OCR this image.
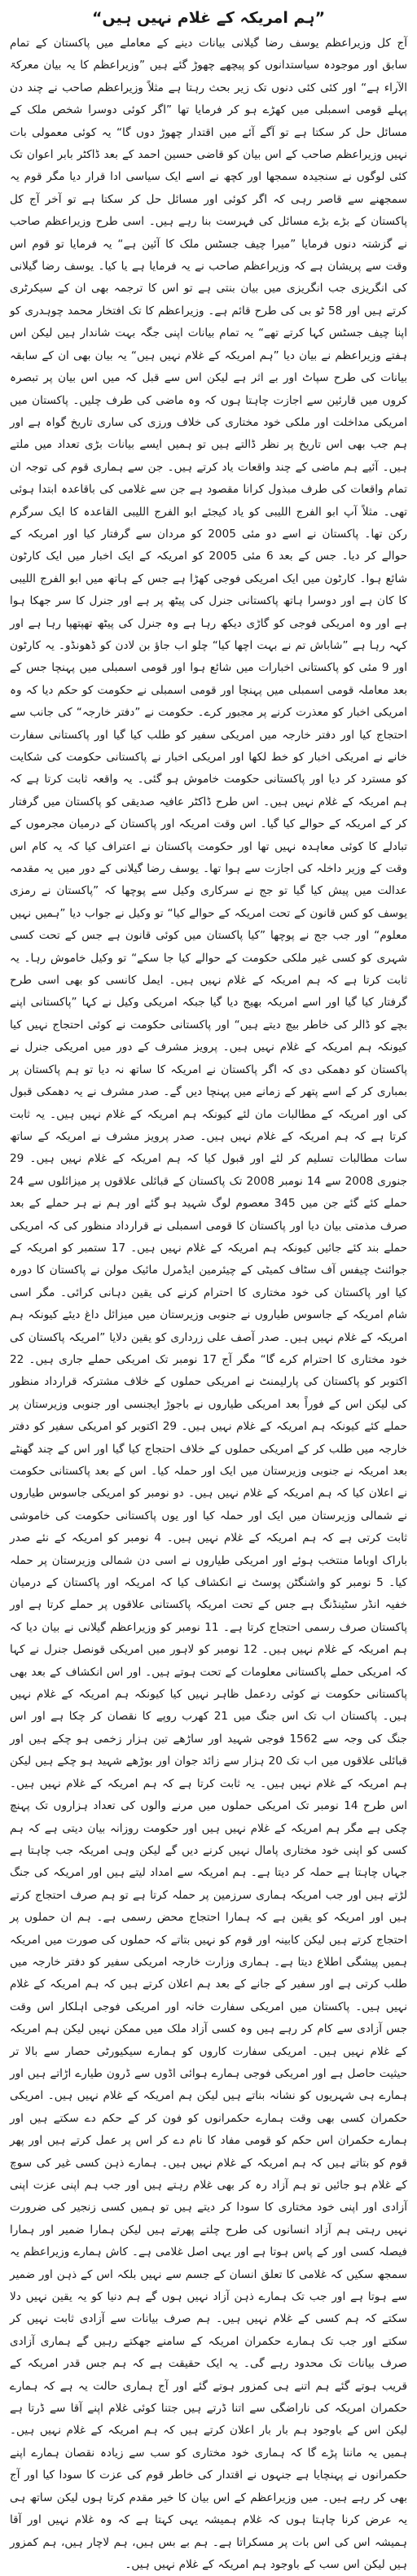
”ہم امریکہ کے غلام نہیں ہیں“

آج کل وزیراعظم یوسف رضا گیلانی بیانات دینے کے معاملے میں پاکستان کے تمام سابق اور موجودہ سیاستدانوں کو پیچھے چھوڑ گئے ہیں ”وزیراعظم کا یہ بیان معرکۃ الآراء ہے“ اور کئی کئی دنوں تک زیر بحث رہتا ہے مثلاً وزیراعظم صاحب نے چند دن پہلے قومی اسمبلی میں کھڑے ہو کر فرمایا تھا ”اگر کوئی دوسرا شخص ملک کے مسائل حل کر سکتا ہے تو آگے آئے میں اقتدار چھوڑ دوں گا“ یہ کوئی معمولی بات نہیں وزیراعظم صاحب کے اس بیان کو قاضی حسین احمد کے بعد ڈاکٹر بابر اعوان تک کئی لوگوں نے سنجیدہ سمجھا اور کچھ نے اسے ایک سیاسی ادا قرار دیا مگر قوم یہ سمجھنے سے قاصر رہی کہ اگر کوئی اور مسائل حل کر سکتا ہے تو آخر آج کل پاکستان کے بڑے بڑے مسائل کی فہرست بنا رہے ہیں۔ اسی طرح وزیراعظم صاحب نے گزشتہ دنوں فرمایا ”میرا چیف جسٹس ملک کا آئین ہے“ یہ فرمایا تو قوم اس وقت سے پریشان ہے کہ وزیراعظم صاحب نے یہ فرمایا ہے یا کیا۔ یوسف رضا گیلانی کی انگریزی جب انگریزی میں بیان بنتی ہے تو اس کا ترجمہ بھی ان کے سیکرٹری کرتے ہیں اور 58 ٹو بی کی طرح قائم ہے۔ وزیراعظم کا تک افتخار محمد چوہدری کو اپنا چیف جسٹس کہا کرتے تھے“ یہ تمام بیانات اپنی جگہ بہت شاندار ہیں لیکن اس ہفتے وزیراعظم نے بیان دیا ”ہم امریکہ کے غلام نہیں ہیں“ یہ بیان بھی ان کے سابقہ بیانات کی طرح سپاٹ اور بے اثر ہے لیکن اس سے قبل کہ میں اس بیان پر تبصرہ کروں میں قارئین سے اجازت چاہتا ہوں کہ وہ ماضی کی طرف چلیں۔ پاکستان میں امریکی مداخلت اور ملکی خود مختاری کی خلاف ورزی کی ساری تاریخ گواہ ہے اور ہم جب بھی اس تاریخ پر نظر ڈالتے ہیں تو ہمیں ایسے بیانات بڑی تعداد میں ملتے ہیں۔ آئیے ہم ماضی کے چند واقعات یاد کرتے ہیں۔ جن سے ہماری قوم کی توجہ ان تمام واقعات کی طرف مبذول کرانا مقصود ہے جن سے غلامی کی باقاعدہ ابتدا ہوئی تھی۔ مثلاً آپ ابو الفرج اللیبی کو یاد کیجئے ابو الفرج اللیبی القاعدہ کا ایک سرگرم رکن تھا۔ پاکستان نے اسے دو مئی 2005 کو مردان سے گرفتار کیا اور امریکہ کے حوالے کر دیا۔ جس کے بعد 6 مئی 2005 کو امریکہ کے ایک اخبار میں ایک کارٹون شائع ہوا۔ کارٹون میں ایک امریکی فوجی کھڑا ہے جس کے ہاتھ میں ابو الفرج اللیبی کا کان ہے اور دوسرا ہاتھ پاکستانی جنرل کی پیٹھ پر ہے اور جنرل کا سر جھکا ہوا ہے اور وہ امریکی فوجی کو گاڑی دیکھ رہا ہے وہ جنرل کی پیٹھ تھپتھپا رہا ہے اور کہہ رہا ہے ”شاباش تم نے بہت اچھا کیا“ چلو اب جاؤ بن لادن کو ڈھونڈو۔ یہ کارٹون اور 9 مئی کو پاکستانی اخبارات میں شائع ہوا اور قومی اسمبلی میں پہنچا جس کے بعد معاملہ قومی اسمبلی میں پہنچا اور قومی اسمبلی نے حکومت کو حکم دیا کہ وہ امریکی اخبار کو معذرت کرنے پر مجبور کرے۔ حکومت نے ”دفتر خارجہ“ کی جانب سے احتجاج کیا اور دفتر خارجہ میں امریکی سفیر کو طلب کیا گیا اور پاکستانی سفارت خانے نے امریکی اخبار کو خط لکھا اور امریکی اخبار نے پاکستانی حکومت کی شکایت کو مسترد کر دیا اور پاکستانی حکومت خاموش ہو گئی۔ یہ واقعہ ثابت کرتا ہے کہ ہم امریکہ کے غلام نہیں ہیں۔ اس طرح ڈاکٹر عافیہ صدیقی کو پاکستان میں گرفتار کر کے امریکہ کے حوالے کیا گیا۔ اس وقت امریکہ اور پاکستان کے درمیان مجرموں کے تبادلے کا کوئی معاہدہ نہیں تھا اور حکومت پاکستان نے اعتراف کیا کہ یہ کام اس وقت کے وزیر داخلہ کی اجازت سے ہوا تھا۔ یوسف رضا گیلانی کے دور میں یہ مقدمہ عدالت میں پیش کیا گیا تو جج نے سرکاری وکیل سے پوچھا کہ ”پاکستان نے رمزی یوسف کو کس قانون کے تحت امریکہ کے حوالے کیا“ تو وکیل نے جواب دیا ”ہمیں نہیں معلوم“ اور جب جج نے پوچھا ”کیا پاکستان میں کوئی قانون ہے جس کے تحت کسی شہری کو کسی غیر ملکی حکومت کے حوالے کیا جا سکے“ تو وکیل خاموش رہا۔ یہ ثابت کرتا ہے کہ ہم امریکہ کے غلام نہیں ہیں۔ ایمل کانسی کو بھی اسی طرح گرفتار کیا گیا اور اسے امریکہ بھیج دیا گیا جبکہ امریکی وکیل نے کہا ”پاکستانی اپنے بچے کو ڈالر کی خاطر بیچ دیتے ہیں“ اور پاکستانی حکومت نے کوئی احتجاج نہیں کیا کیونکہ ہم امریکہ کے غلام نہیں ہیں۔ پرویز مشرف کے دور میں امریکی جنرل نے پاکستان کو دھمکی دی کہ اگر پاکستان نے امریکہ کا ساتھ نہ دیا تو ہم پاکستان پر بمباری کر کے اسے پتھر کے زمانے میں پہنچا دیں گے۔ صدر مشرف نے یہ دھمکی قبول کی اور امریکہ کے مطالبات مان لئے کیونکہ ہم امریکہ کے غلام نہیں ہیں۔ یہ ثابت کرتا ہے کہ ہم امریکہ کے غلام نہیں ہیں۔ صدر پرویز مشرف نے امریکہ کے ساتھ سات مطالبات تسلیم کر لئے اور قبول کیا کہ ہم امریکہ کے غلام نہیں ہیں۔ 29 جنوری 2008 سے 14 نومبر 2008 تک پاکستان کے قبائلی علاقوں پر میزائلوں سے 24 حملے کئے گئے جن میں 345 معصوم لوگ شہید ہو گئے اور ہم نے ہر حملے کے بعد صرف مذمتی بیان دیا اور پاکستان کا قومی اسمبلی نے قرارداد منظور کی کہ امریکی حملے بند کئے جائیں کیونکہ ہم امریکہ کے غلام نہیں ہیں۔ 17 ستمبر کو امریکہ کے جوائنٹ چیفس آف سٹاف کمیٹی کے چیئرمین ایڈمرل مائیک مولن نے پاکستان کا دورہ کیا اور پاکستان کی خود مختاری کا احترام کرنے کی یقین دہانی کرائی۔ مگر اسی شام امریکہ کے جاسوس طیاروں نے جنوبی وزیرستان میں میزائل داغ دیئے کیونکہ ہم امریکہ کے غلام نہیں ہیں۔ صدر آصف علی زرداری کو یقین دلایا ”امریکہ پاکستان کی خود مختاری کا احترام کرے گا“ مگر آج 17 نومبر تک امریکی حملے جاری ہیں۔ 22 اکتوبر کو پاکستان کی پارلیمنٹ نے امریکی حملوں کے خلاف مشترکہ قرارداد منظور کی لیکن اس کے فوراً بعد امریکی طیاروں نے باجوڑ ایجنسی اور جنوبی وزیرستان پر حملے کئے کیونکہ ہم امریکہ کے غلام نہیں ہیں۔ 29 اکتوبر کو امریکی سفیر کو دفتر خارجہ میں طلب کر کے امریکی حملوں کے خلاف احتجاج کیا گیا اور اس کے چند گھنٹے بعد امریکہ نے جنوبی وزیرستان میں ایک اور حملہ کیا۔ اس کے بعد پاکستانی حکومت نے اعلان کیا کہ ہم امریکہ کے غلام نہیں ہیں۔ دو نومبر کو امریکی جاسوس طیاروں نے شمالی وزیرستان میں ایک اور حملہ کیا اور یوں پاکستانی حکومت کی خاموشی ثابت کرتی ہے کہ ہم امریکہ کے غلام نہیں ہیں۔ 4 نومبر کو امریکہ کے نئے صدر باراک اوباما منتخب ہوئے اور امریکی طیاروں نے اسی دن شمالی وزیرستان پر حملہ کیا۔ 5 نومبر کو واشنگٹن پوسٹ نے انکشاف کیا کہ امریکہ اور پاکستان کے درمیان خفیہ انڈر سٹینڈنگ ہے جس کے تحت امریکہ پاکستانی علاقوں پر حملے کرتا ہے اور پاکستان صرف رسمی احتجاج کرتا ہے۔ 11 نومبر کو وزیراعظم گیلانی نے بیان دیا کہ ہم امریکہ کے غلام نہیں ہیں۔ 12 نومبر کو لاہور میں امریکی قونصل جنرل نے کہا کہ امریکی حملے پاکستانی معلومات کے تحت ہوتے ہیں۔ اور اس انکشاف کے بعد بھی پاکستانی حکومت نے کوئی ردعمل ظاہر نہیں کیا کیونکہ ہم امریکہ کے غلام نہیں ہیں۔ پاکستان اب تک اس جنگ میں 21 کھرب روپے کا نقصان کر چکا ہے اور اس جنگ کی وجہ سے 1562 فوجی شہید اور ساڑھے تین ہزار زخمی ہو چکے ہیں اور قبائلی علاقوں میں اب تک 20 ہزار سے زائد جوان اور بوڑھے شہید ہو چکے ہیں لیکن ہم امریکہ کے غلام نہیں ہیں۔ یہ ثابت کرتا ہے کہ ہم امریکہ کے غلام نہیں ہیں۔ اس طرح 14 نومبر تک امریکی حملوں میں مرنے والوں کی تعداد ہزاروں تک پہنچ چکی ہے مگر ہم امریکہ کے غلام نہیں ہیں اور حکومت روزانہ بیان دیتی ہے کہ ہم کسی کو اپنی خود مختاری پامال نہیں کرنے دیں گے لیکن وہی امریکہ جب چاہتا ہے جہاں چاہتا ہے حملہ کر دیتا ہے۔ ہم امریکہ سے امداد لیتے ہیں اور امریکہ کی جنگ لڑتے ہیں اور جب امریکہ ہماری سرزمین پر حملہ کرتا ہے تو ہم صرف احتجاج کرتے ہیں اور امریکہ کو یقین ہے کہ ہمارا احتجاج محض رسمی ہے۔ ہم ان حملوں پر احتجاج کرتے ہیں لیکن کابینہ اور قوم کو نہیں بتاتے کہ حملوں کی صورت میں امریکہ ہمیں پیشگی اطلاع دیتا ہے۔ ہماری وزارت خارجہ امریکی سفیر کو دفتر خارجہ میں طلب کرتی ہے اور سفیر کے جانے کے بعد ہم اعلان کرتے ہیں کہ ہم امریکہ کے غلام نہیں ہیں۔ پاکستان میں امریکی سفارت خانہ اور امریکی فوجی اہلکار اس وقت جس آزادی سے کام کر رہے ہیں وہ کسی آزاد ملک میں ممکن نہیں لیکن ہم امریکہ کے غلام نہیں ہیں۔ امریکی سفارت کاروں کو ہمارے سیکیورٹی حصار سے بالا تر حیثیت حاصل ہے اور امریکی فوجی ہمارے ہوائی اڈوں سے ڈرون طیارے اڑاتے ہیں اور ہمارے ہی شہریوں کو نشانہ بناتے ہیں لیکن ہم امریکہ کے غلام نہیں ہیں۔ امریکی حکمران کسی بھی وقت ہمارے حکمرانوں کو فون کر کے حکم دے سکتے ہیں اور ہمارے حکمران اس حکم کو قومی مفاد کا نام دے کر اس پر عمل کرتے ہیں اور پھر قوم کو بتاتے ہیں کہ ہم امریکہ کے غلام نہیں ہیں۔ ہمارے ذہن کسی غیر کی سوچ کے غلام ہو جائیں تو ہم آزاد رہ کر بھی غلام رہتے ہیں اور جب ہم اپنی عزت اپنی آزادی اور اپنی خود مختاری کا سودا کر دیتے ہیں تو ہمیں کسی زنجیر کی ضرورت نہیں رہتی ہم آزاد انسانوں کی طرح چلتے پھرتے ہیں لیکن ہمارا ضمیر اور ہمارا فیصلہ کسی اور کے پاس ہوتا ہے اور یہی اصل غلامی ہے۔ کاش ہمارے وزیراعظم یہ سمجھ سکیں کہ غلامی کا تعلق انسان کے جسم سے نہیں بلکہ اس کے ذہن اور ضمیر سے ہوتا ہے اور جب تک ہمارے ذہن آزاد نہیں ہوں گے ہم دنیا کو یہ یقین نہیں دلا سکتے کہ ہم کسی کے غلام نہیں ہیں۔ ہم صرف بیانات سے آزادی ثابت نہیں کر سکتے اور جب تک ہمارے حکمران امریکہ کے سامنے جھکتے رہیں گے ہماری آزادی صرف بیانات تک محدود رہے گی۔ یہ ایک حقیقت ہے کہ ہم جس قدر امریکہ کے قریب ہوتے گئے ہم اتنے ہی کمزور ہوتے گئے اور آج ہماری حالت یہ ہے کہ ہمارے حکمران امریکہ کی ناراضگی سے اتنا ڈرتے ہیں جتنا کوئی غلام اپنے آقا سے ڈرتا ہے لیکن اس کے باوجود ہم بار بار اعلان کرتے ہیں کہ ہم امریکہ کے غلام نہیں ہیں۔ ہمیں یہ ماننا پڑے گا کہ ہماری خود مختاری کو سب سے زیادہ نقصان ہمارے اپنے حکمرانوں نے پہنچایا ہے جنہوں نے اقتدار کی خاطر قوم کی عزت کا سودا کیا اور آج بھی کر رہے ہیں۔ میں وزیراعظم کے اس بیان کا خیر مقدم کرتا ہوں لیکن ساتھ ہی یہ عرض کرنا چاہتا ہوں کہ غلام ہمیشہ یہی کہتا ہے کہ وہ غلام نہیں اور آقا ہمیشہ اس کی اس بات پر مسکراتا ہے۔ ہم بے بس ہیں، ہم لاچار ہیں، ہم کمزور ہیں لیکن اس سب کے باوجود ہم امریکہ کے غلام نہیں ہیں۔
